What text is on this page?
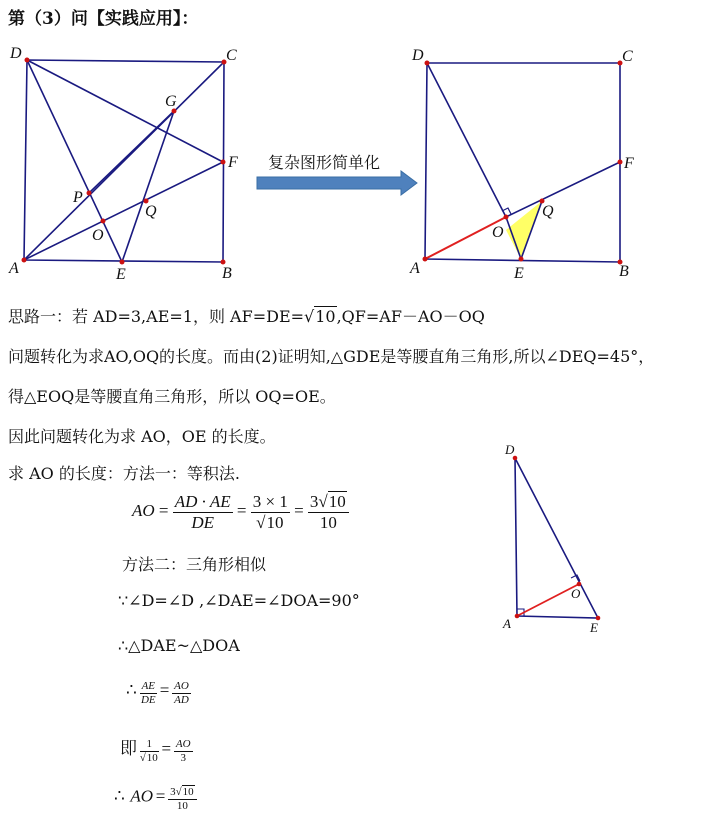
第（3）问【实践应用】：
D	C
G
F
P
Q
O
A	E	B
复杂图形简单化
D	C
F
Q
O
A	E	B
思路一：若 AD=3,AE=1，则 AF=DE=√10,QF=AF－AO－OQ
问题转化为求AO,OQ的长度。而由(2)证明知,△GDE是等腰直角三角形,所以∠DEQ=45°，
得△EOQ是等腰直角三角形，所以 OQ=OE。
因此问题转化为求 AO，OE 的长度。
求 AO 的长度：方法一：等积法.
AO = $\frac{AD \cdot AE}{DE} = \frac{3 \times 1}{√10} = \frac{3√10}{10}$
方法二：三角形相似
∵∠D=∠D ,∠DAE=∠DOA=90°
∴△DAE~△DOA
∴ $\frac{AE}{DE} = \frac{AO}{AD}$
即 $\frac{1}{√10} = \frac{AO}{3}$
∴ AO = $\frac{3√10}{10}$
D
O
A	E
